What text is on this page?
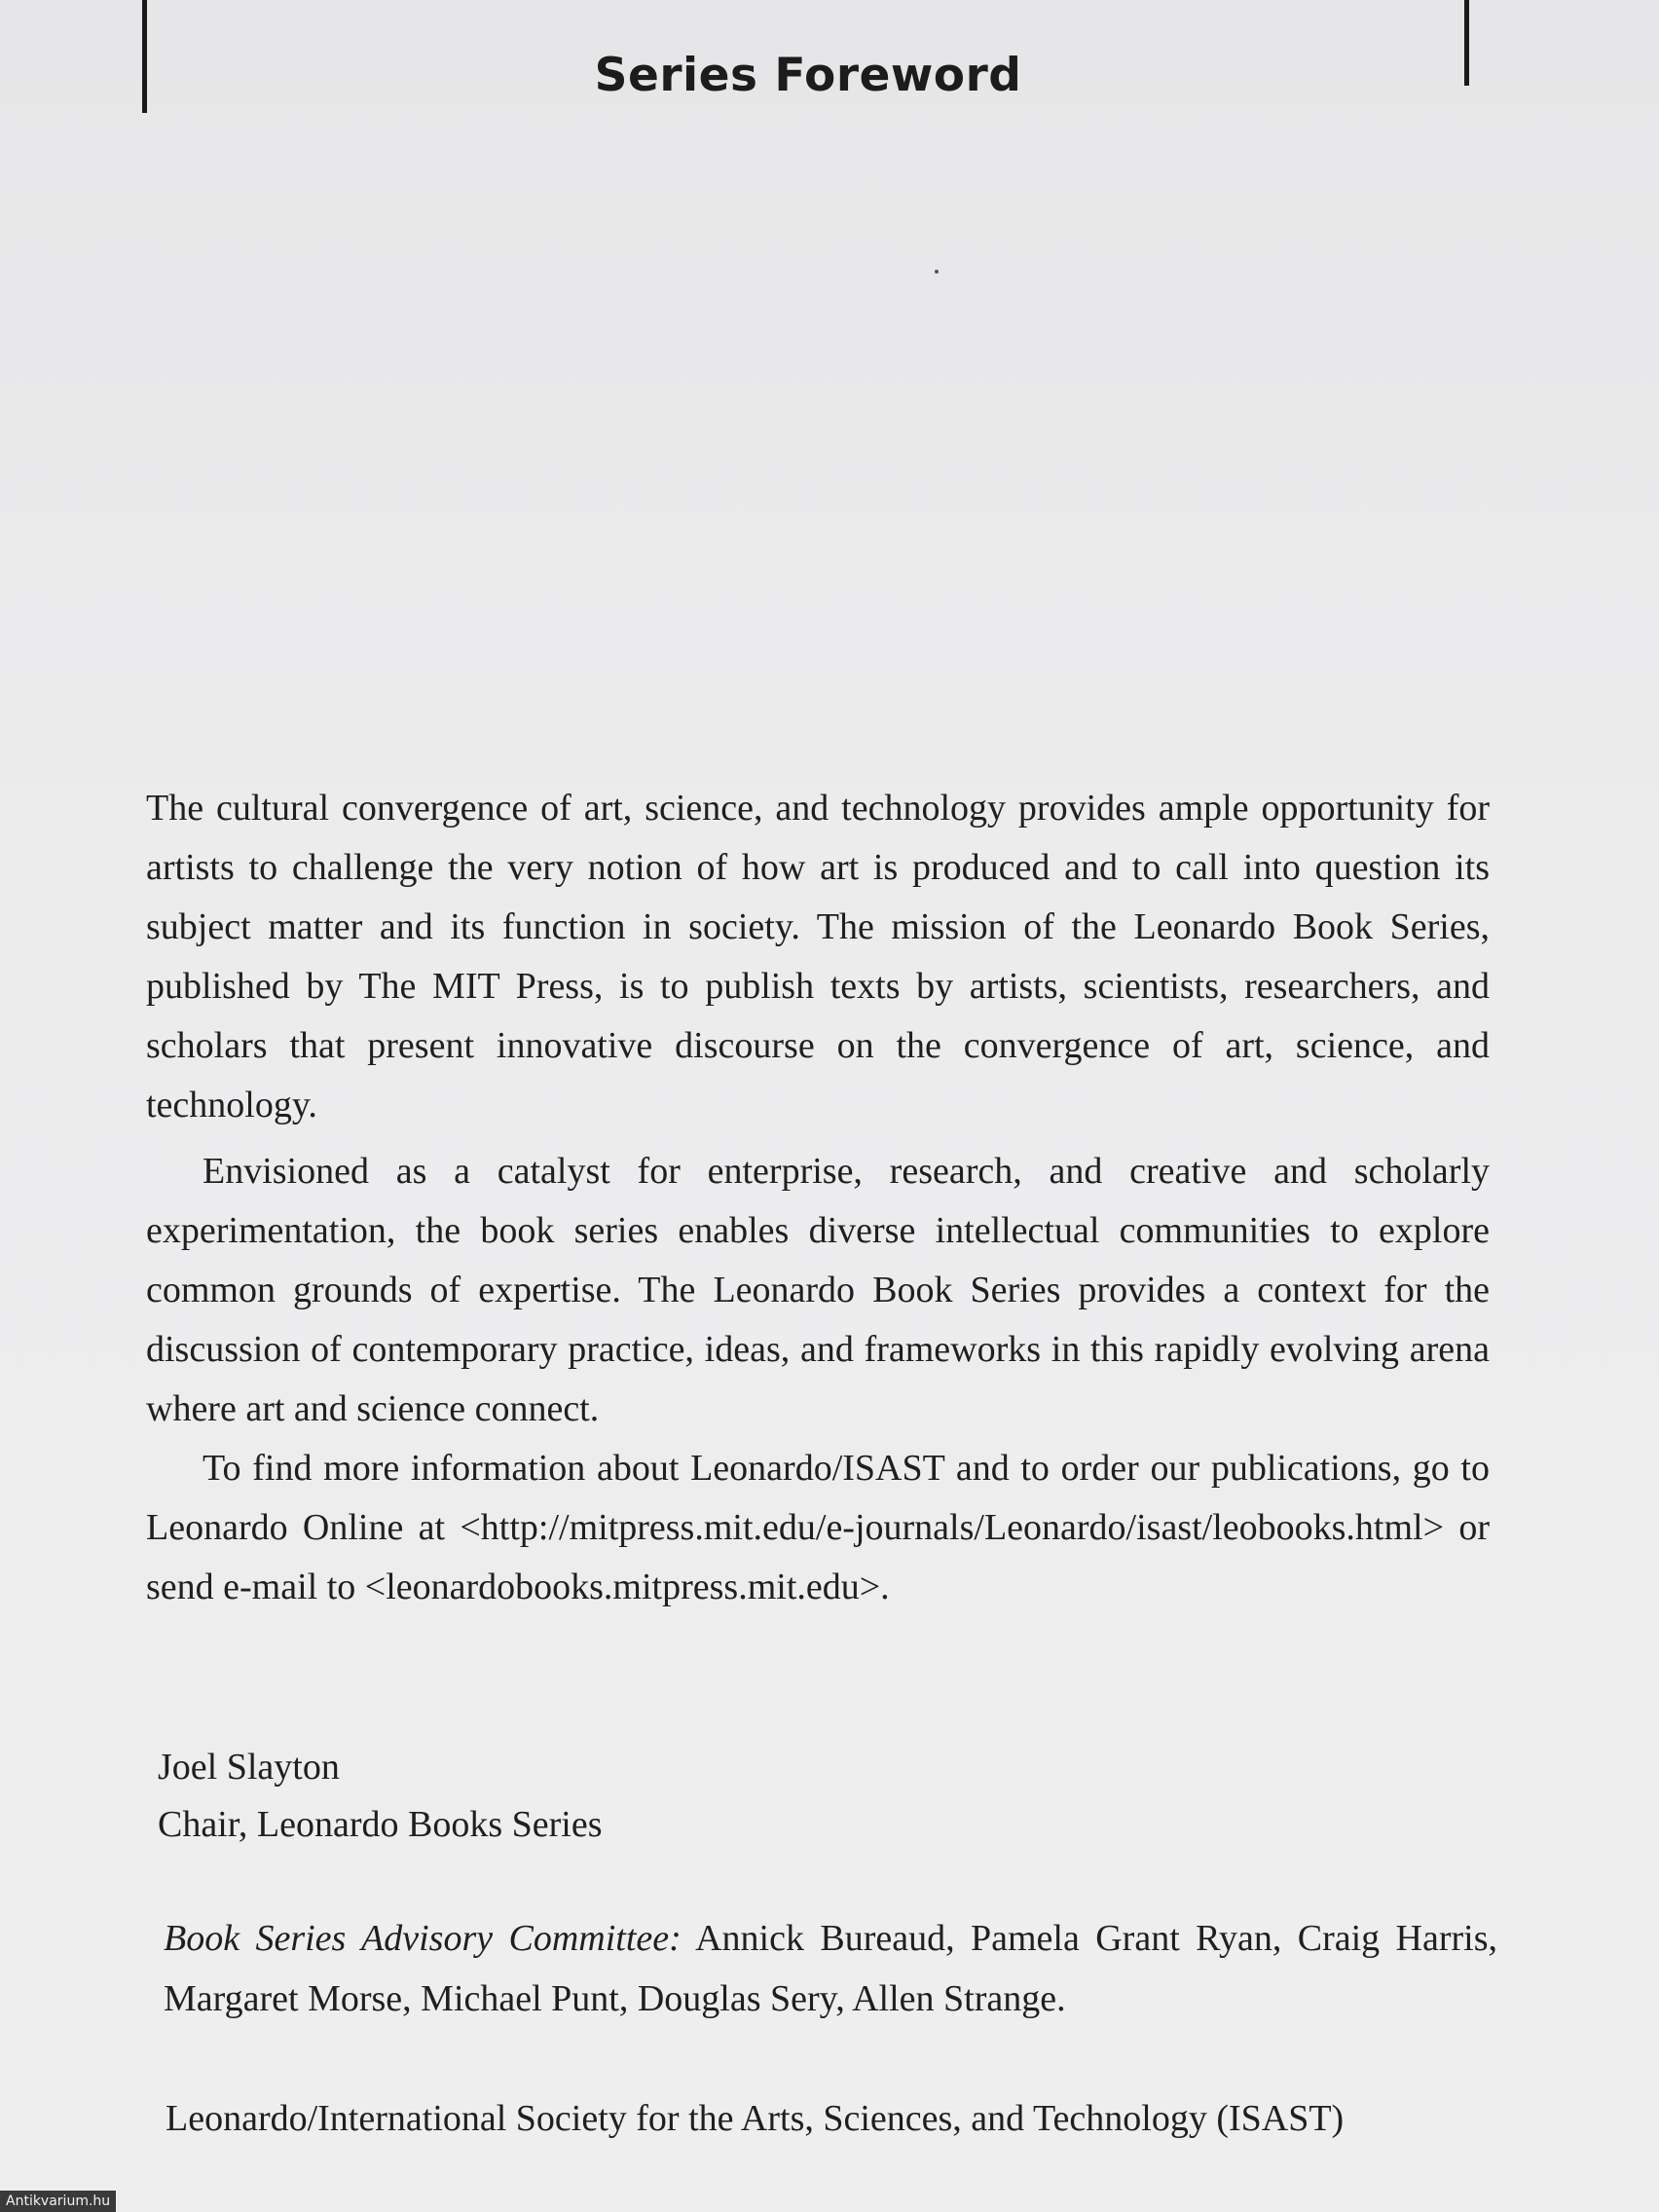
Series Foreword

The cultural convergence of art, science, and technology provides ample opportunity for artists to challenge the very notion of how art is produced and to call into question its subject matter and its function in society. The mission of the Leonardo Book Series, published by The MIT Press, is to publish texts by artists, scientists, researchers, and scholars that present innovative discourse on the convergence of art, science, and technology.

Envisioned as a catalyst for enterprise, research, and creative and scholarly experimentation, the book series enables diverse intellectual communities to explore common grounds of expertise. The Leonardo Book Series provides a context for the discussion of contemporary practice, ideas, and frameworks in this rapidly evolving arena where art and science connect.

To find more information about Leonardo/ISAST and to order our publications, go to Leonardo Online at <http://mitpress.mit.edu/e-journals/Leonardo/isast/leobooks.html> or send e-mail to <leonardobooks.mitpress.mit.edu>.

Joel Slayton
Chair, Leonardo Books Series
Book Series Advisory Committee: Annick Bureaud, Pamela Grant Ryan, Craig Harris, Margaret Morse, Michael Punt, Douglas Sery, Allen Strange.
Leonardo/International Society for the Arts, Sciences, and Technology (ISAST)
Antikvarium.hu
